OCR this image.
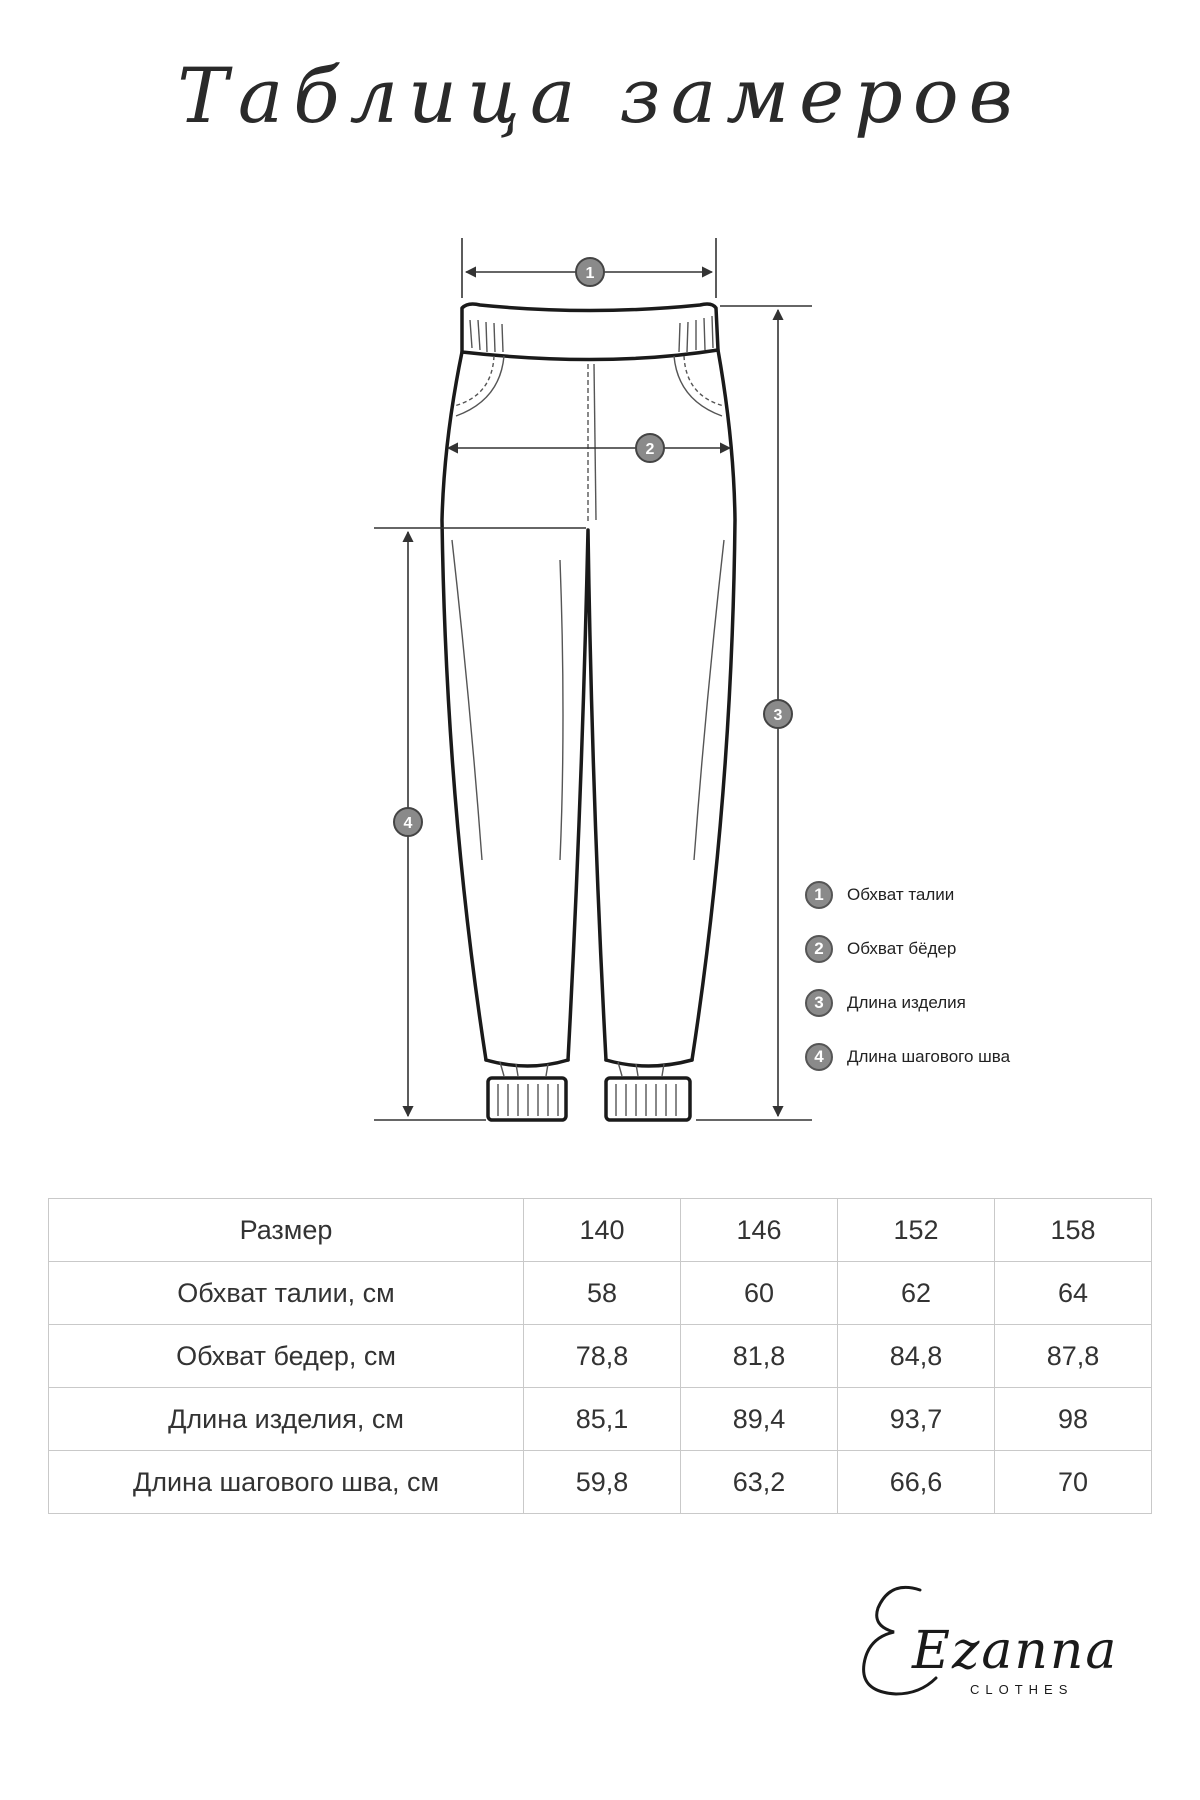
Таблица замеров
1
2
3
4
1	Обхват талии
2	Обхват бёдер
3	Длина изделия
4	Длина шагового шва
Размер	140	146	152	158
Обхват талии, см	58	60	62	64
Обхват бедер, см	78,8	81,8	84,8	87,8
Длина изделия, см	85,1	89,4	93,7	98
Длина шагового шва, см	59,8	63,2	66,6	70
Ezanna
CLOTHES
